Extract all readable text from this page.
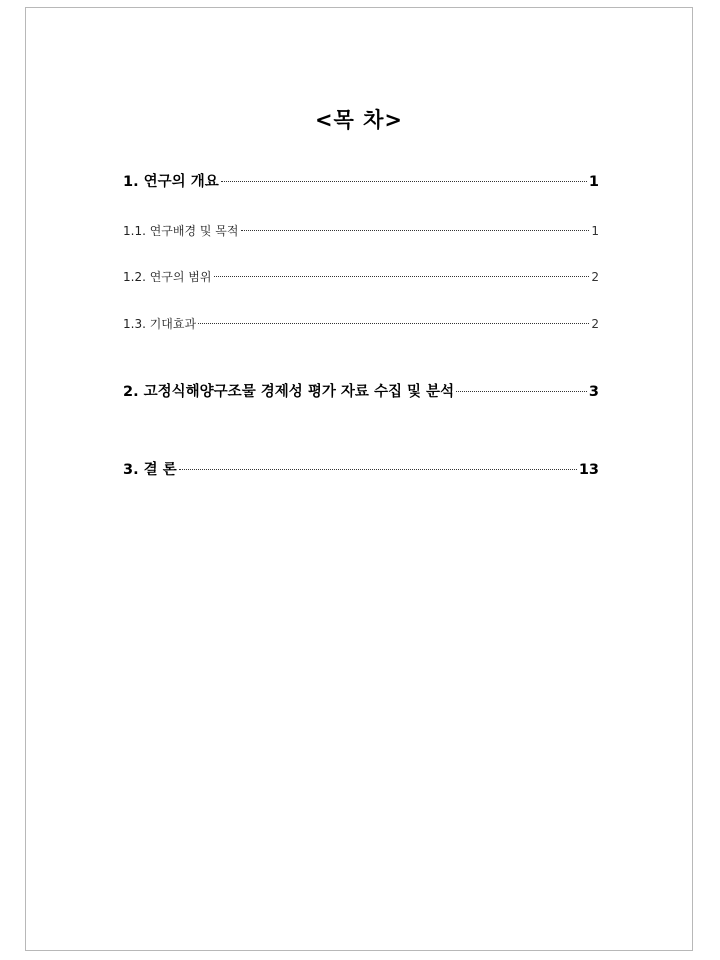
<목 차>
1. 연구의 개요	1
1.1. 연구배경 및 목적	1
1.2. 연구의 범위	2
1.3. 기대효과	2
2. 고정식해양구조물 경제성 평가 자료 수집 및 분석	3
3. 결 론	13
